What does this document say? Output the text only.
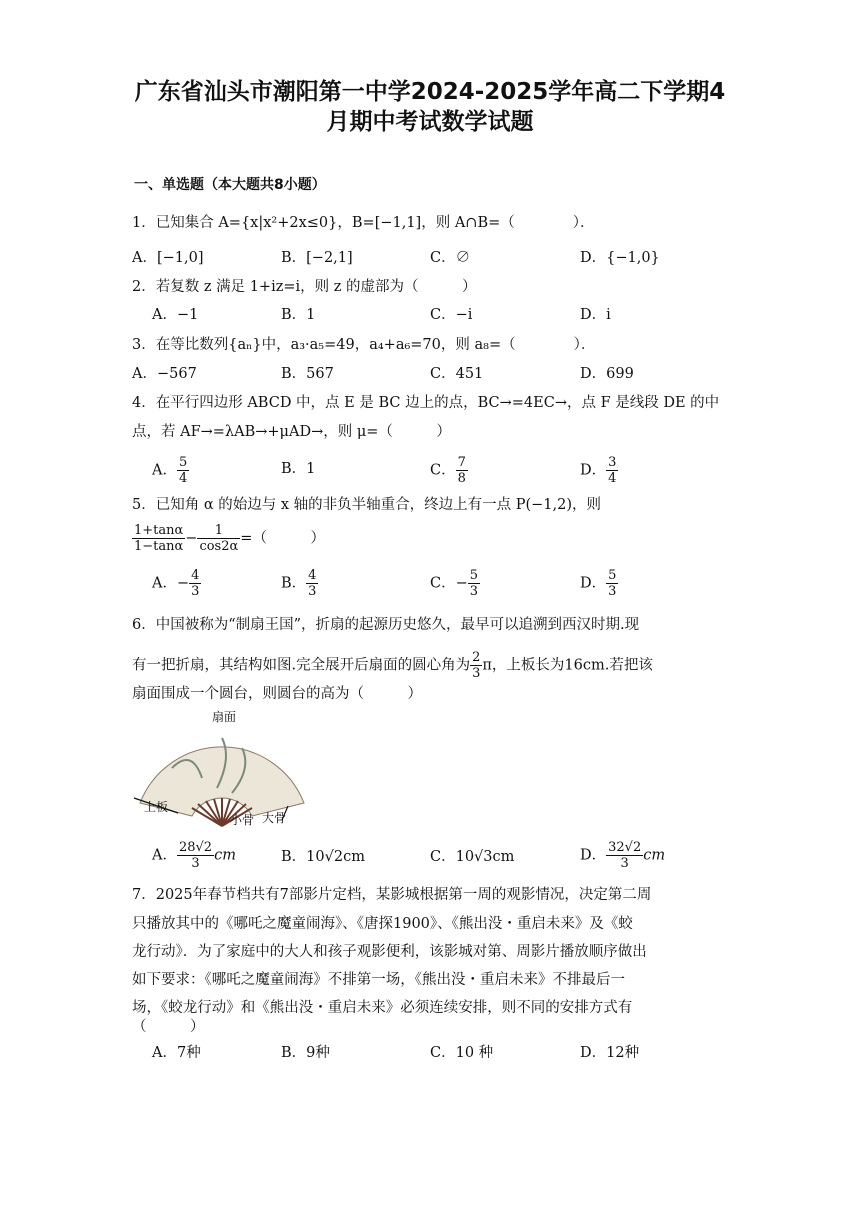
广东省汕头市潮阳第一中学2024-2025学年高二下学期4
月期中考试数学试题
一、单选题（本大题共8小题）
1．已知集合 A={x|x²+2x≤0}，B=[−1,1]，则 A∩B=（　　　　）．
A．[−1,0]	B．[−2,1]	C．∅	D．{−1,0}
2．若复数 z 满足 1+iz=i，则 z 的虚部为（　　　）
A．−1	B．1	C．−i	D．i
3．在等比数列{aₙ}中，a₃·a₅=49，a₄+a₆=70，则 a₈=（　　　　）．
A．−567	B．567	C．451	D．699
4．在平行四边形 ABCD 中，点 E 是 BC 边上的点，BC→=4EC→，点 F 是线段 DE 的中
点，若 AF→=λAB→+μAD→，则 μ=（　　　）
A． $\frac{5}{4}$	B．1	C． $\frac{7}{8}$	D． $\frac{3}{4}$
5．已知角 α 的始边与 x 轴的非负半轴重合，终边上有一点 P(−1,2)，则
$\frac{1+\tan\alpha}{1-\tan\alpha} - \frac{1}{\cos 2\alpha}$ =（　　　）
A．− $\frac{4}{3}$	B． $\frac{4}{3}$	C．− $\frac{5}{3}$	D． $\frac{5}{3}$
6．中国被称为“制扇王国”，折扇的起源历史悠久，最早可以追溯到西汉时期.现
有一把折扇，其结构如图.完全展开后扇面的圆心角为 $\frac{2}{3}$ π，上板长为16cm.若把该
扇面围成一个圆台，则圆台的高为（　　　）
扇面
上板
小骨 大骨
A． $\frac{28√2}{3}$ cm	B．10√2cm	C．10√3cm	D． $\frac{32√2}{3}$ cm
7．2025年春节档共有7部影片定档，某影城根据第一周的观影情况，决定第二周
只播放其中的《哪吒之魔童闹海》、《唐探1900》、《熊出没・重启未来》及《蛟
龙行动》．为了家庭中的大人和孩子观影便利，该影城对第、周影片播放顺序做出
如下要求：《哪吒之魔童闹海》不排第一场，《熊出没・重启未来》不排最后一
场，《蛟龙行动》和《熊出没・重启未来》必须连续安排，则不同的安排方式有
（　　　）
A．7种	B．9种	C．10 种	D．12种
